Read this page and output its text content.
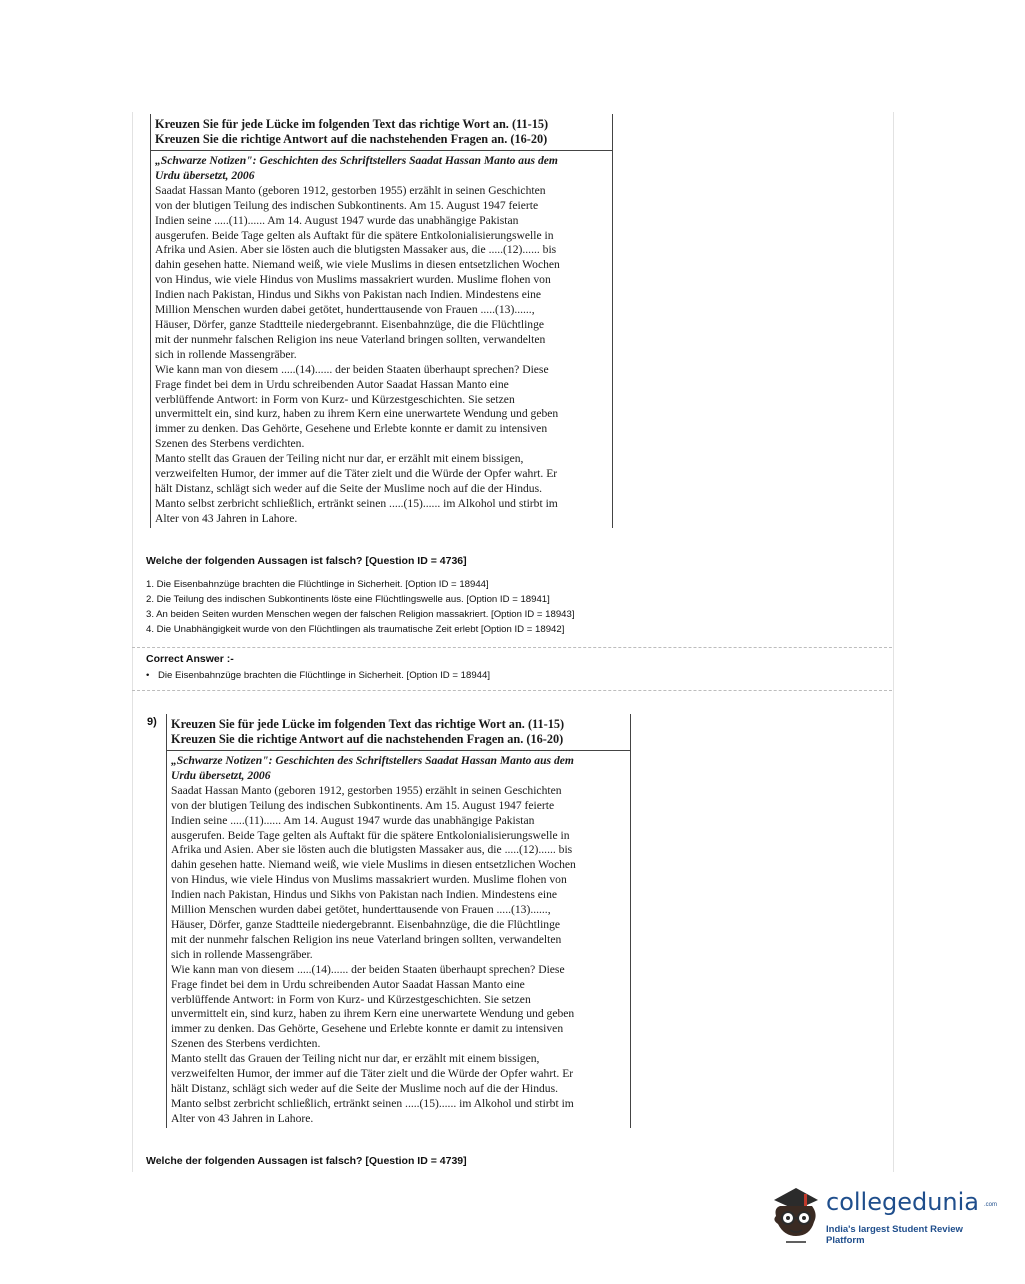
Kreuzen Sie für jede Lücke im folgenden Text das richtige Wort an. (11-15)
Kreuzen Sie die richtige Antwort auf die nachstehenden Fragen an. (16-20)
„Schwarze Notizen": Geschichten des Schriftstellers Saadat Hassan Manto aus dem
Urdu übersetzt, 2006
Saadat Hassan Manto (geboren 1912, gestorben 1955) erzählt in seinen Geschichten
von der blutigen Teilung des indischen Subkontinents. Am 15. August 1947 feierte
Indien seine .....(11)...... Am 14. August 1947 wurde das unabhängige Pakistan
ausgerufen. Beide Tage gelten als Auftakt für die spätere Entkolonialisierungswelle in
Afrika und Asien. Aber sie lösten auch die blutigsten Massaker aus, die .....(12)...... bis
dahin gesehen hatte. Niemand weiß, wie viele Muslims in diesen entsetzlichen Wochen
von Hindus, wie viele Hindus von Muslims massakriert wurden. Muslime flohen von
Indien nach Pakistan, Hindus und Sikhs von Pakistan nach Indien. Mindestens eine
Million Menschen wurden dabei getötet, hunderttausende von Frauen .....(13)......,
Häuser, Dörfer, ganze Stadtteile niedergebrannt. Eisenbahnzüge, die die Flüchtlinge
mit der nunmehr falschen Religion ins neue Vaterland bringen sollten, verwandelten
sich in rollende Massengräber.
Wie kann man von diesem .....(14)...... der beiden Staaten überhaupt sprechen? Diese
Frage findet bei dem in Urdu schreibenden Autor Saadat Hassan Manto eine
verblüffende Antwort: in Form von Kurz- und Kürzestgeschichten. Sie setzen
unvermittelt ein, sind kurz, haben zu ihrem Kern eine unerwartete Wendung und geben
immer zu denken. Das Gehörte, Gesehene und Erlebte konnte er damit zu intensiven
Szenen des Sterbens verdichten.
Manto stellt das Grauen der Teiling nicht nur dar, er erzählt mit einem bissigen,
verzweifelten Humor, der immer auf die Täter zielt und die Würde der Opfer wahrt. Er
hält Distanz, schlägt sich weder auf die Seite der Muslime noch auf die der Hindus.
Manto selbst zerbricht schließlich, ertränkt seinen .....(15)...... im Alkohol und stirbt im
Alter von 43 Jahren in Lahore.
Welche der folgenden Aussagen ist falsch? [Question ID = 4736]
1. Die Eisenbahnzüge brachten die Flüchtlinge in Sicherheit. [Option ID = 18944]
2. Die Teilung des indischen Subkontinents löste eine Flüchtlingswelle aus. [Option ID = 18941]
3. An beiden Seiten wurden Menschen wegen der falschen Religion massakriert. [Option ID = 18943]
4. Die Unabhängigkeit wurde von den Flüchtlingen als traumatische Zeit erlebt [Option ID = 18942]
Correct Answer :-
• Die Eisenbahnzüge brachten die Flüchtlinge in Sicherheit. [Option ID = 18944]
9) Kreuzen Sie für jede Lücke im folgenden Text das richtige Wort an. (11-15)
Kreuzen Sie die richtige Antwort auf die nachstehenden Fragen an. (16-20)
„Schwarze Notizen": Geschichten des Schriftstellers Saadat Hassan Manto aus dem
Urdu übersetzt, 2006
Saadat Hassan Manto (geboren 1912, gestorben 1955) erzählt in seinen Geschichten
von der blutigen Teilung des indischen Subkontinents. Am 15. August 1947 feierte
Indien seine .....(11)...... Am 14. August 1947 wurde das unabhängige Pakistan
ausgerufen. Beide Tage gelten als Auftakt für die spätere Entkolonialisierungswelle in
Afrika und Asien. Aber sie lösten auch die blutigsten Massaker aus, die .....(12)...... bis
dahin gesehen hatte. Niemand weiß, wie viele Muslims in diesen entsetzlichen Wochen
von Hindus, wie viele Hindus von Muslims massakriert wurden. Muslime flohen von
Indien nach Pakistan, Hindus und Sikhs von Pakistan nach Indien. Mindestens eine
Million Menschen wurden dabei getötet, hunderttausende von Frauen .....(13)......,
Häuser, Dörfer, ganze Stadtteile niedergebrannt. Eisenbahnzüge, die die Flüchtlinge
mit der nunmehr falschen Religion ins neue Vaterland bringen sollten, verwandelten
sich in rollende Massengräber.
Wie kann man von diesem .....(14)...... der beiden Staaten überhaupt sprechen? Diese
Frage findet bei dem in Urdu schreibenden Autor Saadat Hassan Manto eine
verblüffende Antwort: in Form von Kurz- und Kürzestgeschichten. Sie setzen
unvermittelt ein, sind kurz, haben zu ihrem Kern eine unerwartete Wendung und geben
immer zu denken. Das Gehörte, Gesehene und Erlebte konnte er damit zu intensiven
Szenen des Sterbens verdichten.
Manto stellt das Grauen der Teiling nicht nur dar, er erzählt mit einem bissigen,
verzweifelten Humor, der immer auf die Täter zielt und die Würde der Opfer wahrt. Er
hält Distanz, schlägt sich weder auf die Seite der Muslime noch auf die der Hindus.
Manto selbst zerbricht schließlich, ertränkt seinen .....(15)...... im Alkohol und stirbt im
Alter von 43 Jahren in Lahore.
Welche der folgenden Aussagen ist falsch? [Question ID = 4739]
collegedunia .com
India's largest Student Review Platform
